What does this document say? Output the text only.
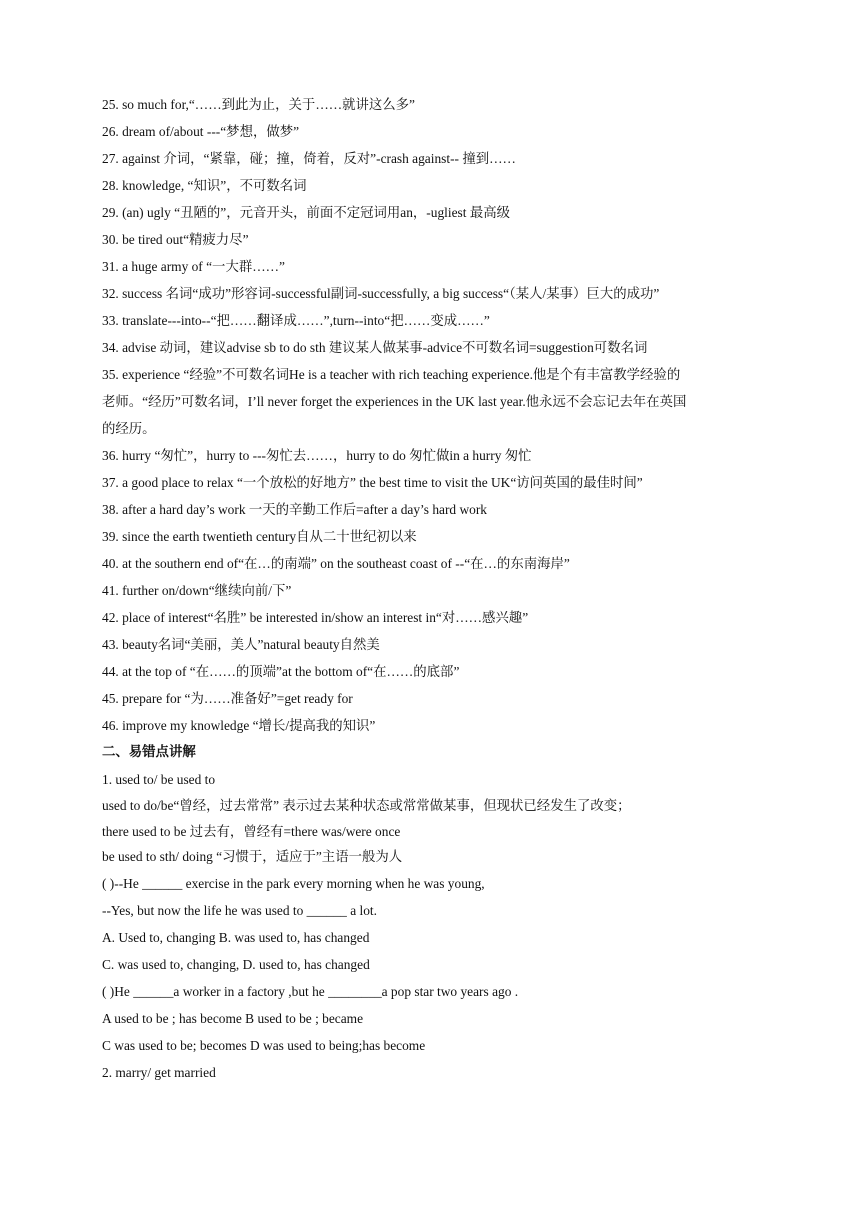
25. so much for,“……到此为止，关于……就讲这么多”
26. dream of/about ---“梦想，做梦”
27. against 介词，“紧靠，碰；撞，倚着，反对”-crash against-- 撞到……
28. knowledge, “知识”，不可数名词
29. (an) ugly “丑陋的”，元音开头，前面不定冠词用an，-ugliest 最高级
30. be tired out“精疲力尽”
31. a huge army of “一大群……”
32. success 名词“成功”形容词-successful副词-successfully, a big success“（某人/某事）巨大的成功”
33. translate---into--“把……翻译成……”,turn--into“把……变成……”
34. advise 动词，建议advise sb to do sth 建议某人做某事-advice不可数名词=suggestion可数名词
35. experience “经验”不可数名词He is a teacher with rich teaching experience.他是个有丰富教学经验的
老师。“经历”可数名词，I’ll never forget the experiences in the UK last year.他永远不会忘记去年在英国
的经历。
36. hurry “匆忙”，hurry to ---匆忙去……，hurry to do 匆忙做in a hurry 匆忙
37. a good place to relax “一个放松的好地方” the best time to visit the UK“访问英国的最佳时间”
38. after a hard day’s work 一天的辛勤工作后=after a day’s hard work
39. since the earth twentieth century自从二十世纪初以来
40. at the southern end of“在…的南端” on the southeast coast of --“在…的东南海岸”
41. further on/down“继续向前/下”
42. place of interest“名胜” be interested in/show an interest in“对……感兴趣”
43. beauty名词“美丽，美人”natural beauty自然美
44. at the top of “在……的顶端”at the bottom of“在……的底部”
45. prepare for “为……准备好”=get ready for
46. improve my knowledge “增长/提高我的知识”
二、易错点讲解
1. used to/ be used to
used to do/be“曾经，过去常常” 表示过去某种状态或常常做某事，但现状已经发生了改变；
there used to be 过去有，曾经有=there was/were once
be used to sth/ doing “习惯于，适应于”主语一般为人
( )--He ______ exercise in the park every morning when he was young,
--Yes, but now the life he was used to ______ a lot.
A. Used to, changing B. was used to, has changed
C. was used to, changing, D. used to, has changed
( )He ______a worker in a factory ,but he ________a pop star two years ago .
A used to be ; has become B used to be ; became
C was used to be; becomes D was used to being;has become
2. marry/ get married
